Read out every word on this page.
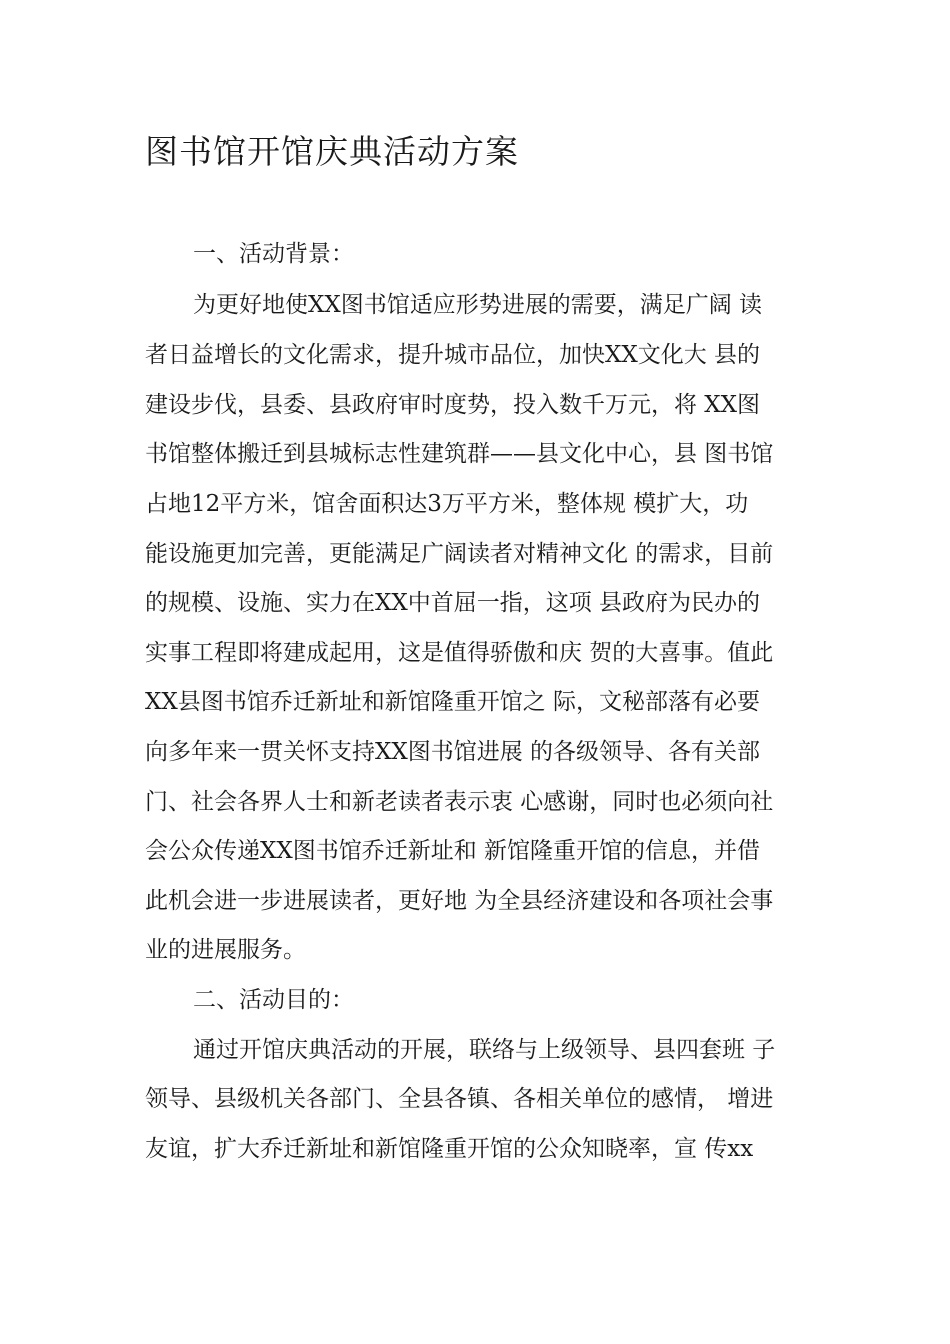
图书馆开馆庆典活动方案

一、活动背景：

为更好地使XX图书馆适应形势进展的需要，满足广阔 读

者日益增长的文化需求，提升城市品位，加快XX文化大 县的

建设步伐，县委、县政府审时度势，投入数千万元，将 XX图

书馆整体搬迁到县城标志性建筑群——县文化中心，县 图书馆

占地12平方米，馆舍面积达3万平方米，整体规 模扩大，功

能设施更加完善，更能满足广阔读者对精神文化 的需求，目前

的规模、设施、实力在XX中首屈一指，这项 县政府为民办的

实事工程即将建成起用，这是值得骄傲和庆 贺的大喜事。值此

XX县图书馆乔迁新址和新馆隆重开馆之 际，文秘部落有必要

向多年来一贯关怀支持XX图书馆进展 的各级领导、各有关部

门、社会各界人士和新老读者表示衷 心感谢，同时也必须向社

会公众传递XX图书馆乔迁新址和 新馆隆重开馆的信息，并借

此机会进一步进展读者，更好地 为全县经济建设和各项社会事

业的进展服务。

二、活动目的：

通过开馆庆典活动的开展，联络与上级领导、县四套班 子

领导、县级机关各部门、全县各镇、各相关单位的感情， 增进

友谊，扩大乔迁新址和新馆隆重开馆的公众知晓率，宣 传xx
